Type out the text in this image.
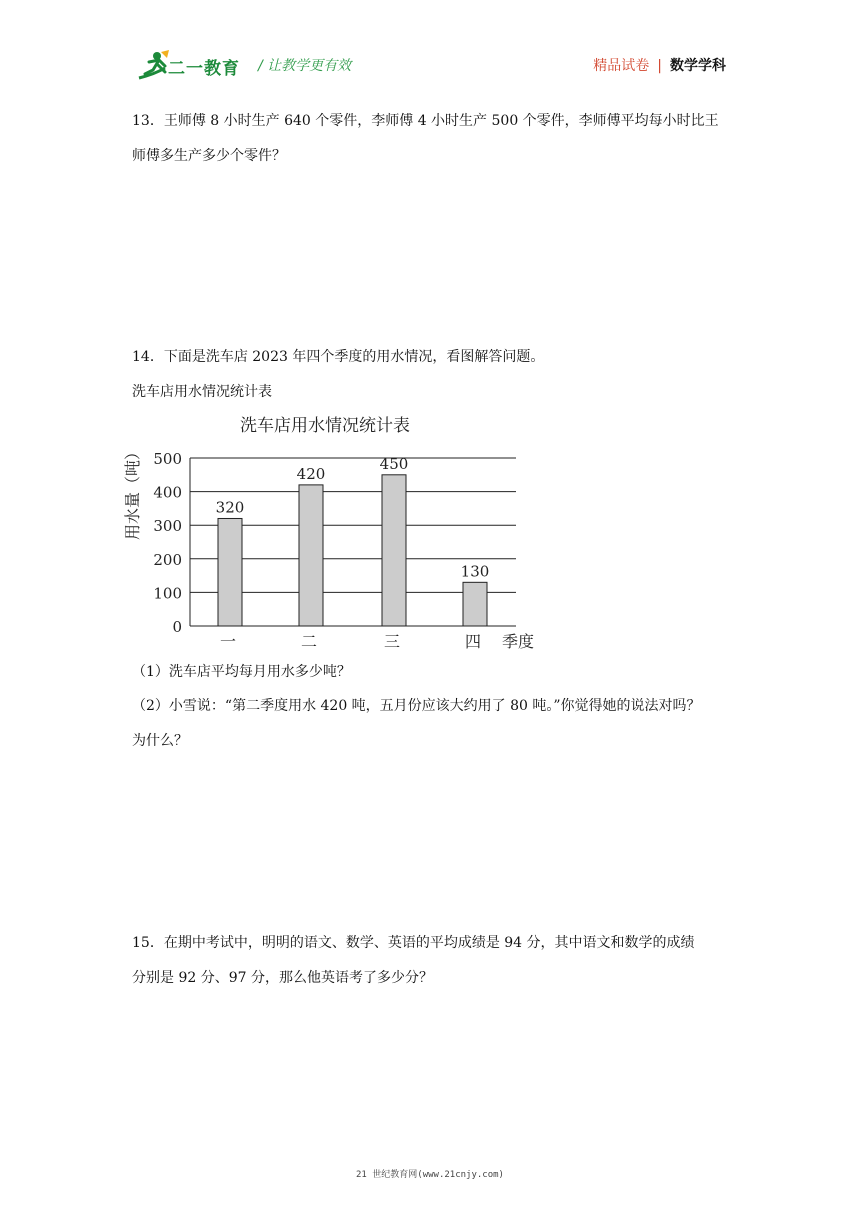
二一教育 / 让教学更有效	精品试卷 | 数学学科
13．王师傅 8 小时生产 640 个零件，李师傅 4 小时生产 500 个零件，李师傅平均每小时比王
师傅多生产多少个零件？
14．下面是洗车店 2023 年四个季度的用水情况，看图解答问题。
洗车店用水情况统计表
洗车店用水情况统计表
0
100
200
300
400
500
用水量（吨）	320
一
420
二
450
三
130
四 季度
（1）洗车店平均每月用水多少吨？
（2）小雪说：“第二季度用水 420 吨，五月份应该大约用了 80 吨。”你觉得她的说法对吗？
为什么？
15．在期中考试中，明明的语文、数学、英语的平均成绩是 94 分，其中语文和数学的成绩
分别是 92 分、97 分，那么他英语考了多少分？
21 世纪教育网(www.21cnjy.com)
